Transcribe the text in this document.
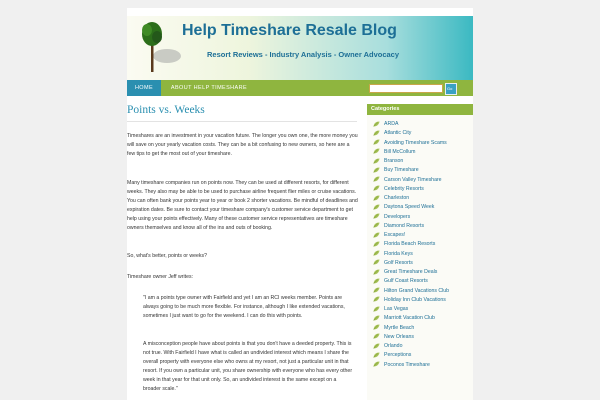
Help Timeshare Resale Blog
Resort Reviews - Industry Analysis - Owner Advocacy
HOME	ABOUT HELP TIMESHARE	Go
Points vs. Weeks

Timeshares are an investment in your vacation future. The longer you own one, the more money you will save on your yearly vacation costs. They can be a bit confusing to new owners, so here are a few tips to get the most out of your timeshare.

Many timeshare companies run on points now. They can be used at different resorts, for different weeks. They also may be able to be used to purchase airline frequent flier miles or cruise vacations. You can often bank your points year to year or book 2 shorter vacations. Be mindful of deadlines and expiration dates. Be sure to contact your timeshare company's customer service department to get help using your points effectively. Many of these customer service representatives are timeshare owners themselves and know all of the ins and outs of booking.

So, what's better, points or weeks?

Timeshare owner Jeff writes:

"I am a points type owner with Fairfield and yet I am an RCI weeks member. Points are always going to be much more flexible. For instance, although I like extended vacations, sometimes I just want to go for the weekend. I can do this with points.

A misconception people have about points is that you don't have a deeded property. This is not true. With Fairfield I have what is called an undivided interest which means I share the overall property with everyone else who owns at my resort, not just a particular unit in that resort. If you own a particular unit, you share ownership with everyone who has every other week in that year for that unit only. So, an undivided interest is the same except on a broader scale."

Categories
ARDA
Atlantic City
Avoiding Timeshare Scams
Bill McCollum
Branson
Buy Timeshare
Carson Valley Timeshare
Celebrity Resorts
Charleston
Daytona Speed Week
Developers
Diamond Resorts
Escapes!
Florida Beach Resorts
Florida Keys
Golf Resorts
Great Timeshare Deals
Gulf Coast Resorts
Hilton Grand Vacations Club
Holiday Inn Club Vacations
Las Vegas
Marriott Vacation Club
Myrtle Beach
New Orleans
Orlando
Perceptions
Poconos Timeshare
